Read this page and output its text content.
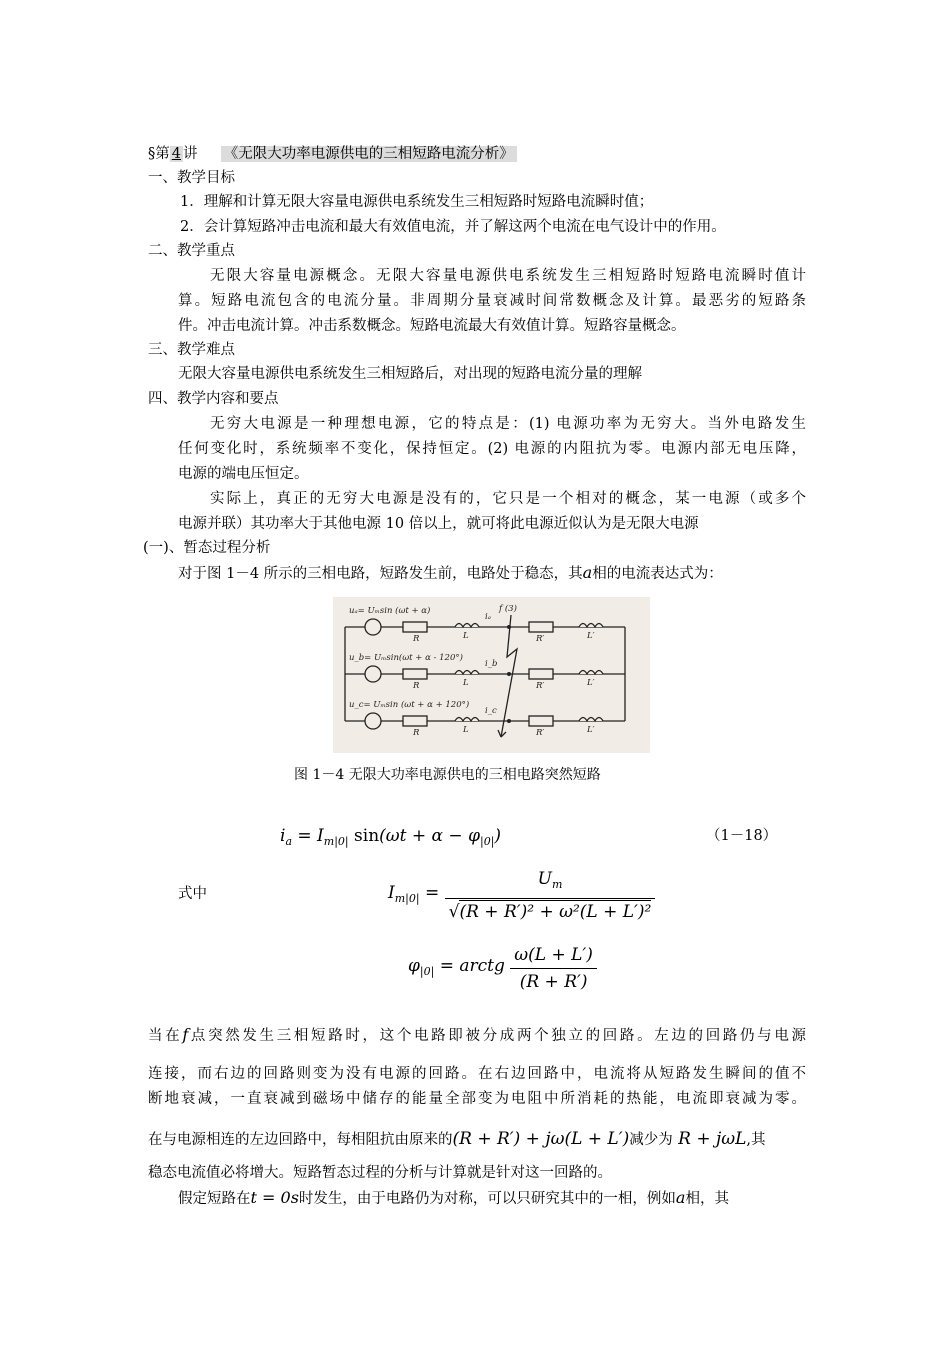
§第 4 讲 《无限大功率电源供电的三相短路电流分析》
一、教学目标
1．理解和计算无限大容量电源供电系统发生三相短路时短路电流瞬时值；
2．会计算短路冲击电流和最大有效值电流，并了解这两个电流在电气设计中的作用。
二、教学重点
无限大容量电源概念。无限大容量电源供电系统发生三相短路时短路电流瞬时值计
算。短路电流包含的电流分量。非周期分量衰减时间常数概念及计算。最恶劣的短路条
件。冲击电流计算。冲击系数概念。短路电流最大有效值计算。短路容量概念。
三、教学难点
无限大容量电源供电系统发生三相短路后，对出现的短路电流分量的理解
四、教学内容和要点
无穷大电源是一种理想电源，它的特点是：(1) 电源功率为无穷大。当外电路发生
任何变化时，系统频率不变化，保持恒定。(2) 电源的内阻抗为零。电源内部无电压降，
电源的端电压恒定。
实际上，真正的无穷大电源是没有的，它只是一个相对的概念，某一电源（或多个
电源并联）其功率大于其他电源 10 倍以上，就可将此电源近似认为是无限大电源
(一)、暂态过程分析
对于图 1－4 所示的三相电路，短路发生前，电路处于稳态，其a相的电流表达式为：
uₐ= Uₘsin (ωt + α)
u_b= Uₘsin(ωt + α - 120°)
u_c= Uₘsin (ωt + α + 120°)
iₐ
i_b
i_c
f (3)
R
R
R
L
L
L
R′
R′
R′
L′
L′
L′
图 1－4 无限大功率电源供电的三相电路突然短路
$i_a = I_{m|0|}$ $\sin(\omega t + \alpha - \varphi_{|0|})$	（1－18）
式中	$I_{m|0|} = \frac{U_m}{\text{√(R + R′)² + ω²(L + L′)²}}$
$\varphi_{|0|}$ = arctg $\frac{\omega(L + L')}{(R + R')}$
当在f点突然发生三相短路时，这个电路即被分成两个独立的回路。左边的回路仍与电源
连接，而右边的回路则变为没有电源的回路。在右边回路中，电流将从短路发生瞬间的值不
断地衰减，一直衰减到磁场中储存的能量全部变为电阻中所消耗的热能，电流即衰减为零。
在与电源相连的左边回路中，每相阻抗由原来的(R + R′) + jω(L + L′)减少为 R + jωL,其
稳态电流值必将增大。短路暂态过程的分析与计算就是针对这一回路的。
假定短路在t = 0s时发生，由于电路仍为对称，可以只研究其中的一相，例如a相，其
